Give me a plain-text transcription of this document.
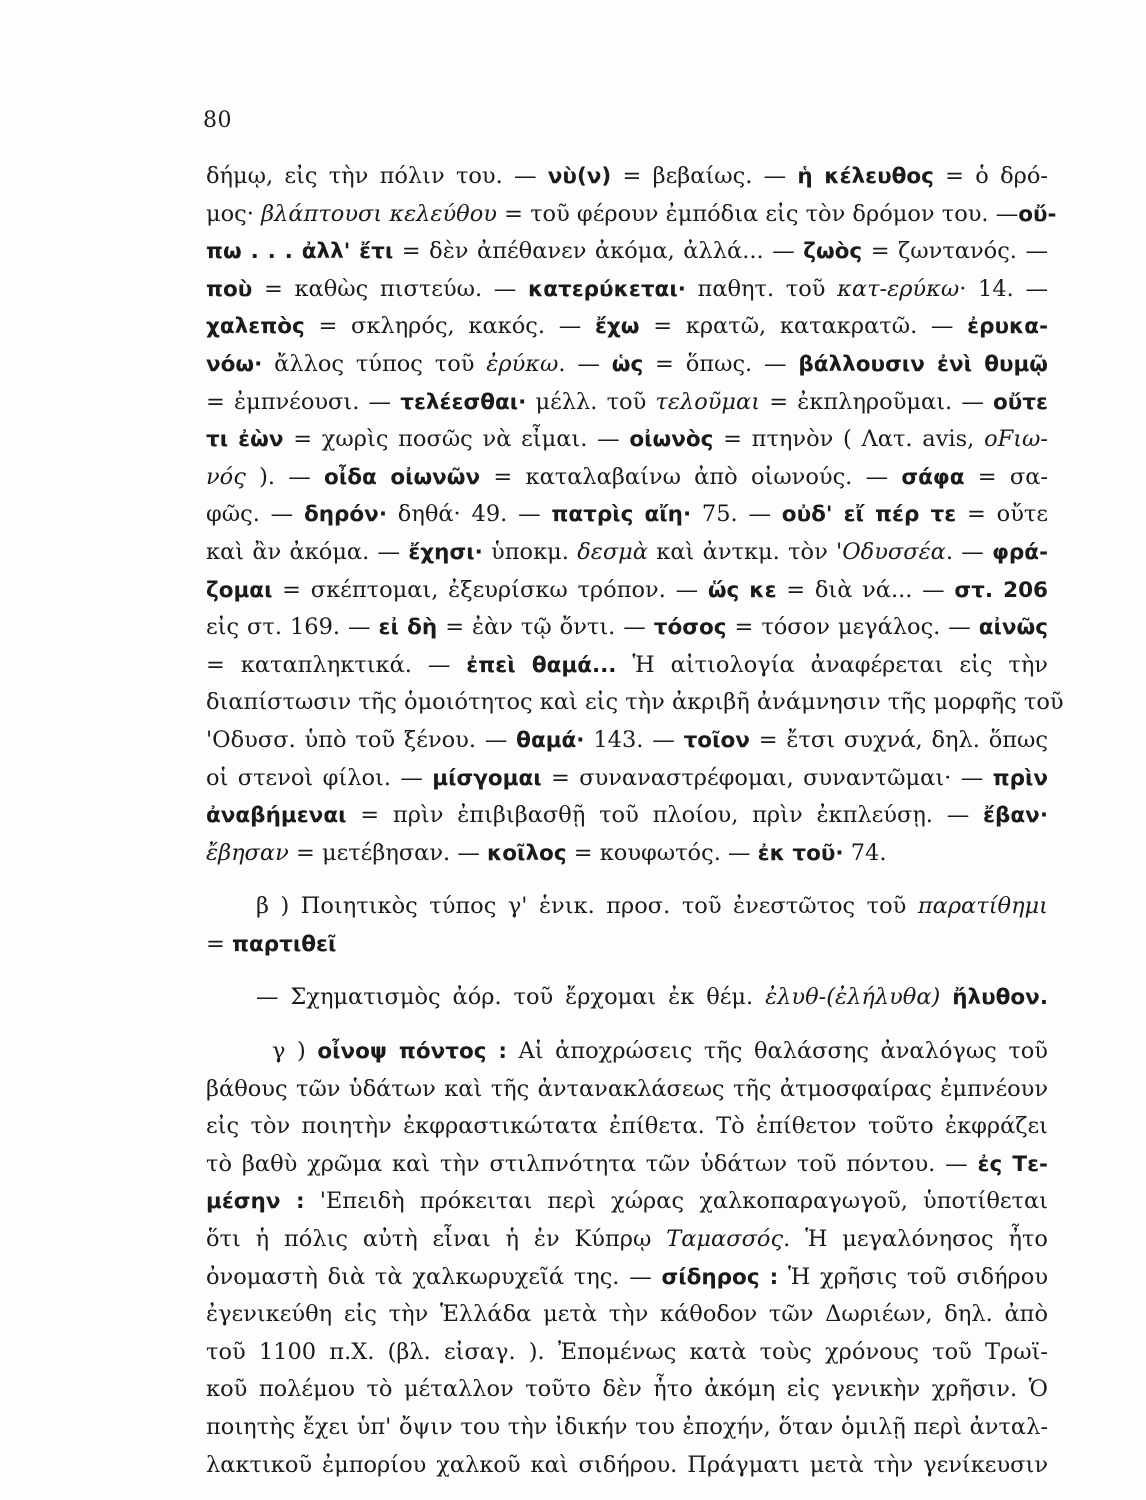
80
δήμῳ, εἰς τὴν πόλιν του. — νὺ(ν) = βεβαίως. — ἡ κέλευθος = ὁ δρό-
μος· βλάπτουσι κελεύθου = τοῦ φέρουν ἐμπόδια εἰς τὸν δρόμον του. —οὔ-
πω . . . ἀλλ' ἔτι = δὲν ἀπέθανεν ἀκόμα, ἀλλά... — ζωὸς = ζωντανός. —
ποὺ = καθὼς πιστεύω. — κατερύκεται· παθητ. τοῦ κατ-ερύκω· 14. —
χαλεπὸς = σκληρός, κακός. — ἔχω = κρατῶ, κατακρατῶ. — ἐρυκα-
νόω· ἄλλος τύπος τοῦ ἐρύκω. — ὡς = ὅπως. — βάλλουσιν ἐνὶ θυμῷ
= ἐμπνέουσι. — τελέεσθαι· μέλλ. τοῦ τελοῦμαι = ἐκπληροῦμαι. — οὔτε
τι ἐὼν = χωρὶς ποσῶς νὰ εἶμαι. — οἰωνὸς = πτηνὸν ( Λατ. avis, oFιω-
νός ). — οἶδα οἰωνῶν = καταλαβαίνω ἀπὸ οἰωνούς. — σάφα = σα-
φῶς. — δηρόν· δηθά· 49. — πατρὶς αἴη· 75. — οὐδ' εἴ πέρ τε = οὔτε
καὶ ἂν ἀκόμα. — ἔχησι· ὑποκμ. δεσμὰ καὶ ἀντκμ. τὸν 'Οδυσσέα. — φρά-
ζομαι = σκέπτομαι, ἐξευρίσκω τρόπον. — ὥς κε = διὰ νά... — στ. 206
εἰς στ. 169. — εἰ δὴ = ἐὰν τῷ ὄντι. — τόσος = τόσον μεγάλος. — αἰνῶς
= καταπληκτικά. — ἐπεὶ θαμά... Ἡ αἰτιολογία ἀναφέρεται εἰς τὴν
διαπίστωσιν τῆς ὁμοιότητος καὶ εἰς τὴν ἀκριβῆ ἀνάμνησιν τῆς μορφῆς τοῦ
'Οδυσσ. ὑπὸ τοῦ ξένου. — θαμά· 143. — τοῖον = ἔτσι συχνά, δηλ. ὅπως
οἱ στενοὶ φίλοι. — μίσγομαι = συναναστρέφομαι, συναντῶμαι· — πρὶν
ἀναβήμεναι = πρὶν ἐπιβιβασθῇ τοῦ πλοίου, πρὶν ἐκπλεύσῃ. — ἔβαν·
ἔβησαν = μετέβησαν. — κοῖλος = κουφωτός. — ἐκ τοῦ· 74.
β ) Ποιητικὸς τύπος γ' ἑνικ. προσ. τοῦ ἐνεστῶτος τοῦ παρατίθημι
= παρτιθεῖ
— Σχηματισμὸς ἀόρ. τοῦ ἔρχομαι ἐκ θέμ. ἐλυθ-(ἐλήλυθα) ἤλυθον.
γ ) οἶνοψ πόντος : Αἱ ἀποχρώσεις τῆς θαλάσσης ἀναλόγως τοῦ
βάθους τῶν ὑδάτων καὶ τῆς ἀντανακλάσεως τῆς ἀτμοσφαίρας ἐμπνέουν
εἰς τὸν ποιητὴν ἐκφραστικώτατα ἐπίθετα. Τὸ ἐπίθετον τοῦτο ἐκφράζει
τὸ βαθὺ χρῶμα καὶ τὴν στιλπνότητα τῶν ὑδάτων τοῦ πόντου. — ἐς Τε-
μέσην : 'Επειδὴ πρόκειται περὶ χώρας χαλκοπαραγωγοῦ, ὑποτίθεται
ὅτι ἡ πόλις αὐτὴ εἶναι ἡ ἐν Κύπρῳ Ταμασσός. Ἡ μεγαλόνησος ἦτο
ὀνομαστὴ διὰ τὰ χαλκωρυχεῖά της. — σίδηρος : Ἡ χρῆσις τοῦ σιδήρου
ἐγενικεύθη εἰς τὴν Ἑλλάδα μετὰ τὴν κάθοδον τῶν Δωριέων, δηλ. ἀπὸ
τοῦ 1100 π.Χ. (βλ. εἰσαγ. ). Ἐπομένως κατὰ τοὺς χρόνους τοῦ Τρωϊ-
κοῦ πολέμου τὸ μέταλλον τοῦτο δὲν ἦτο ἀκόμη εἰς γενικὴν χρῆσιν. Ὁ
ποιητὴς ἔχει ὑπ' ὄψιν του τὴν ἰδικήν του ἐποχήν, ὅταν ὁμιλῇ περὶ ἀνταλ-
λακτικοῦ ἐμπορίου χαλκοῦ καὶ σιδήρου. Πράγματι μετὰ τὴν γενίκευσιν
